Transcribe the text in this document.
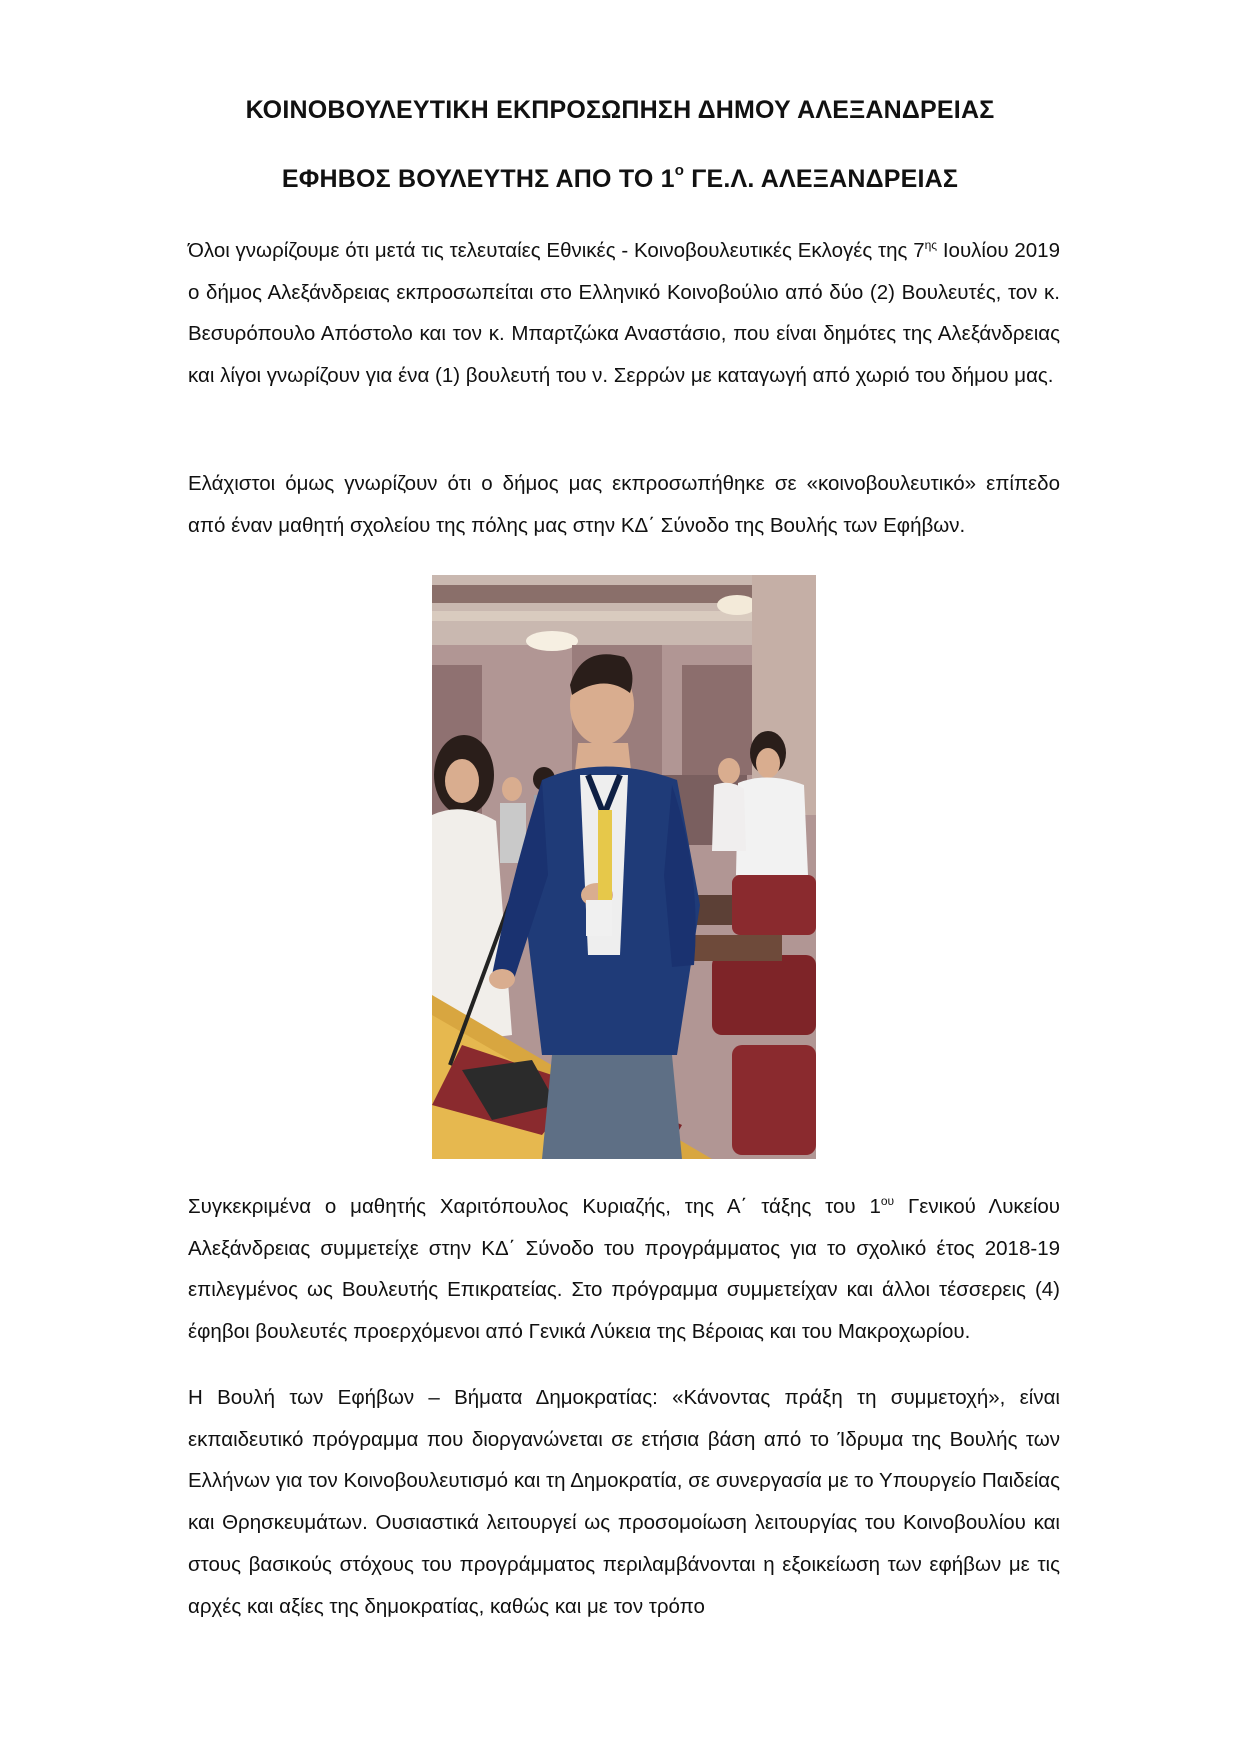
ΚΟΙΝΟΒΟΥΛΕΥΤΙΚΗ ΕΚΠΡΟΣΩΠΗΣΗ ΔΗΜΟΥ ΑΛΕΞΑΝΔΡΕΙΑΣ
ΕΦΗΒΟΣ ΒΟΥΛΕΥΤΗΣ ΑΠΟ ΤΟ $1^o$ ΓΕ.Λ. ΑΛΕΞΑΝΔΡΕΙΑΣ
Όλοι γνωρίζουμε ότι μετά τις τελευταίες Εθνικές - Κοινοβουλευτικές Εκλογές της $7^{\eta\varsigma}$ Ιουλίου 2019 ο δήμος Αλεξάνδρειας εκπροσωπείται στο Ελληνικό Κοινοβούλιο από δύο (2) Βουλευτές, τον κ. Βεσυρόπουλο Απόστολο και τον κ. Μπαρτζώκα Αναστάσιο, που είναι δημότες της Αλεξάνδρειας και λίγοι γνωρίζουν για ένα (1) βουλευτή του ν. Σερρών με καταγωγή από χωριό του δήμου μας.
Ελάχιστοι όμως γνωρίζουν ότι ο δήμος μας εκπροσωπήθηκε σε «κοινοβουλευτικό» επίπεδο από έναν μαθητή σχολείου της πόλης μας στην ΚΔ΄ Σύνοδο της Βουλής των Εφήβων.
Συγκεκριμένα ο μαθητής Χαριτόπουλος Κυριαζής, της Α΄ τάξης του $1^{o\upsilon}$ Γενικού Λυκείου Αλεξάνδρειας συμμετείχε στην ΚΔ΄ Σύνοδο του προγράμματος για το σχολικό έτος 2018-19 επιλεγμένος ως Βουλευτής Επικρατείας. Στο πρόγραμμα συμμετείχαν και άλλοι τέσσερεις (4) έφηβοι βουλευτές προερχόμενοι από Γενικά Λύκεια της Βέροιας και του Μακροχωρίου.
Η Βουλή των Εφήβων – Βήματα Δημοκρατίας: «Κάνοντας πράξη τη συμμετοχή», είναι εκπαιδευτικό πρόγραμμα που διοργανώνεται σε ετήσια βάση από το Ίδρυμα της Βουλής των Ελλήνων για τον Κοινοβουλευτισμό και τη Δημοκρατία, σε συνεργασία με το Υπουργείο Παιδείας και Θρησκευμάτων. Ουσιαστικά λειτουργεί ως προσομοίωση λειτουργίας του Κοινοβουλίου και στους βασικούς στόχους του προγράμματος περιλαμβάνονται η εξοικείωση των εφήβων με τις αρχές και αξίες της δημοκρατίας, καθώς και με τον τρόπο
